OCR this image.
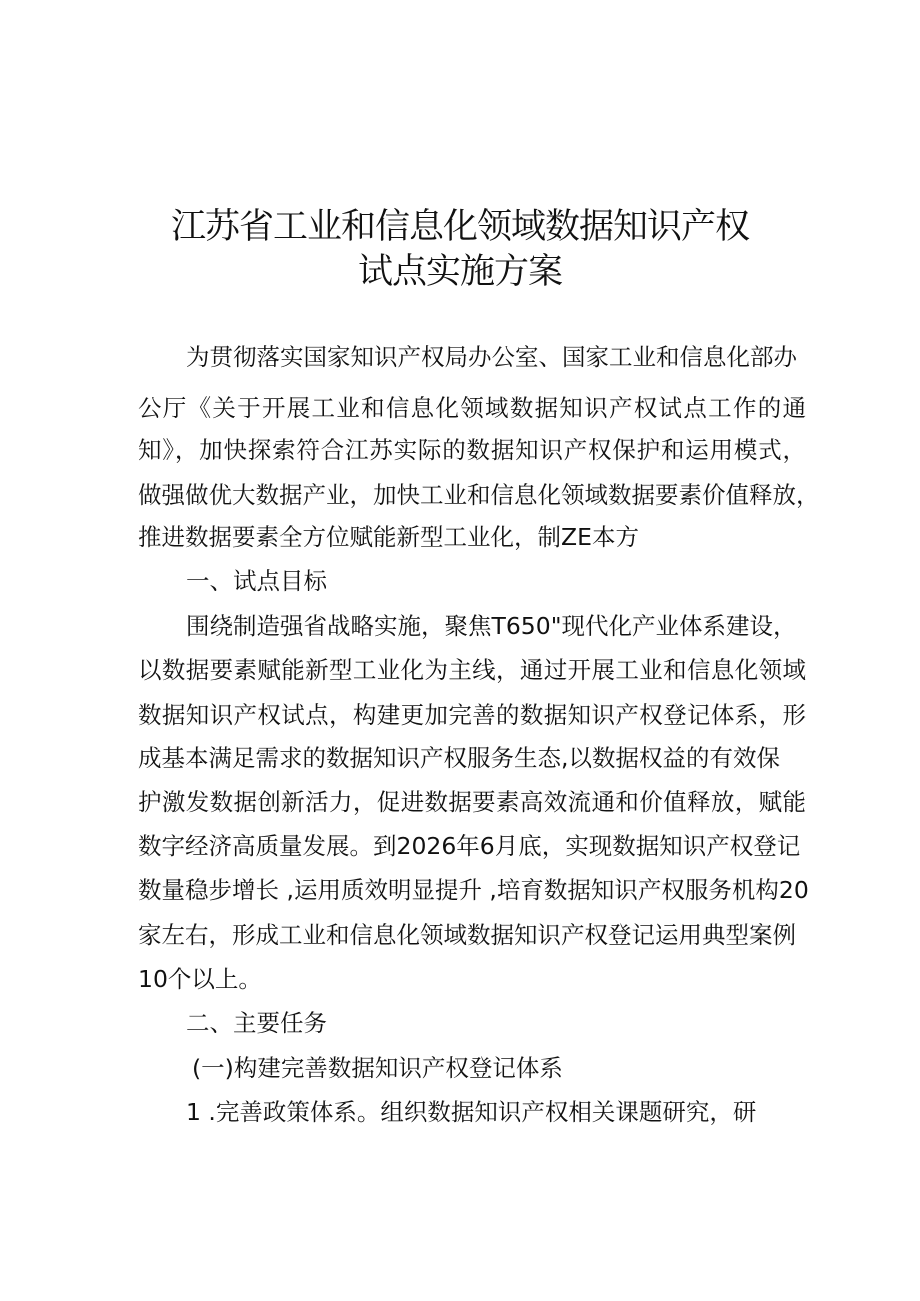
江苏省工业和信息化领域数据知识产权
试点实施方案

为贯彻落实国家知识产权局办公室、国家工业和信息化部办

公厅《关于开展工业和信息化领域数据知识产权试点工作的通

知》，加快探索符合江苏实际的数据知识产权保护和运用模式，

做强做优大数据产业，加快工业和信息化领域数据要素价值释放，

推进数据要素全方位赋能新型工业化，制ZE本方

一、试点目标

围绕制造强省战略实施，聚焦T650"现代化产业体系建设，

以数据要素赋能新型工业化为主线，通过开展工业和信息化领域

数据知识产权试点，构建更加完善的数据知识产权登记体系，形

成基本满足需求的数据知识产权服务生态,以数据权益的有效保

护激发数据创新活力，促进数据要素高效流通和价值释放，赋能

数字经济高质量发展。到2026年6月底，实现数据知识产权登记

数量稳步增长 ,运用质效明显提升 ,培育数据知识产权服务机构20

家左右，形成工业和信息化领域数据知识产权登记运用典型案例

10个以上。

二、主要任务

(一)构建完善数据知识产权登记体系

1 .完善政策体系。组织数据知识产权相关课题研究，研
